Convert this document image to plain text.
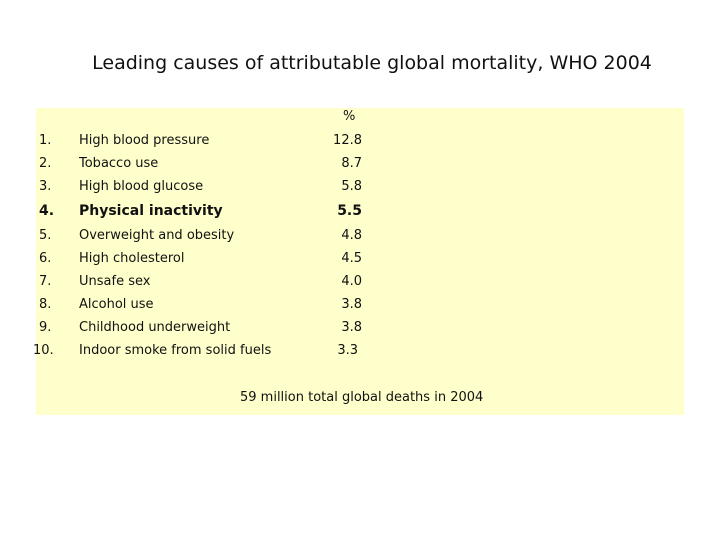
Leading causes of attributable global mortality, WHO 2004
%
1. High blood pressure	12.8
2. Tobacco use	8.7
3. High blood glucose	5.8
4. Physical inactivity	5.5
5. Overweight and obesity	4.8
6. High cholesterol	4.5
7. Unsafe sex	4.0
8. Alcohol use	3.8
9. Childhood underweight	3.8
10. Indoor smoke from solid fuels	3.3
59 million total global deaths in 2004
